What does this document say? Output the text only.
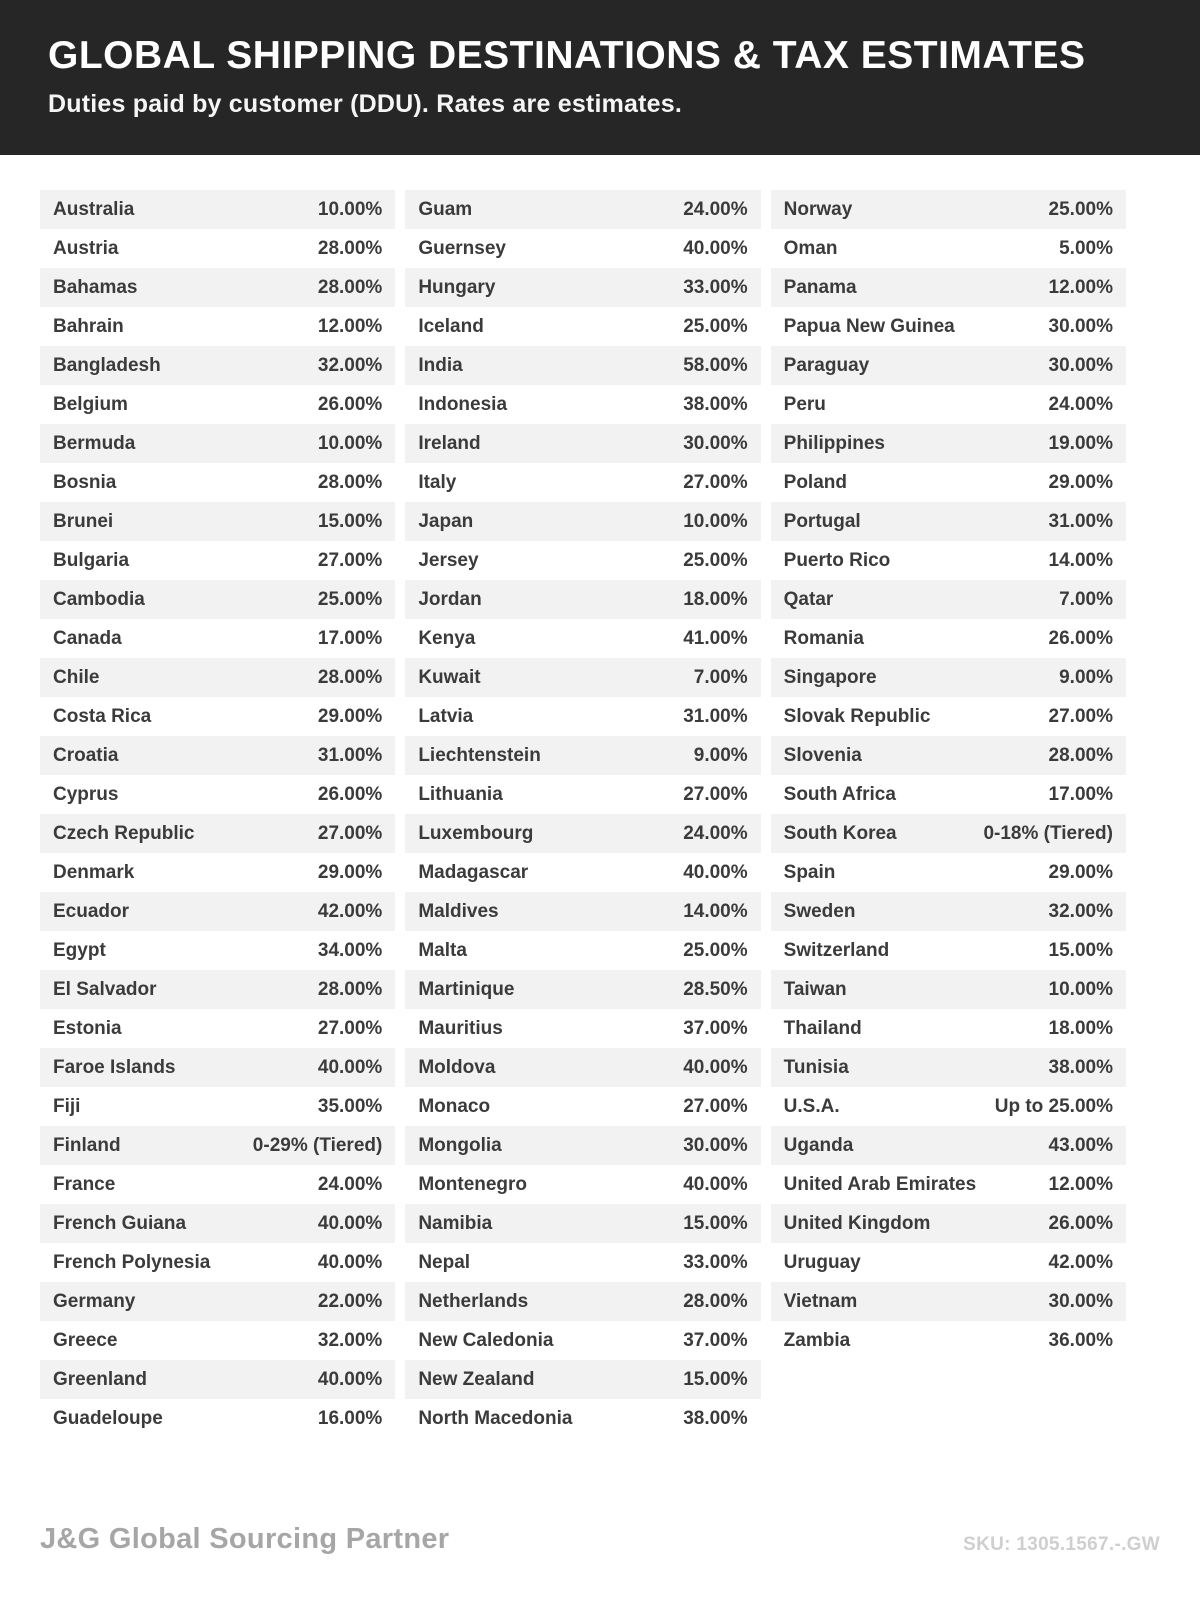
GLOBAL SHIPPING DESTINATIONS & TAX ESTIMATES

Duties paid by customer (DDU). Rates are estimates.

Australia	10.00%
Austria	28.00%
Bahamas	28.00%
Bahrain	12.00%
Bangladesh	32.00%
Belgium	26.00%
Bermuda	10.00%
Bosnia	28.00%
Brunei	15.00%
Bulgaria	27.00%
Cambodia	25.00%
Canada	17.00%
Chile	28.00%
Costa Rica	29.00%
Croatia	31.00%
Cyprus	26.00%
Czech Republic	27.00%
Denmark	29.00%
Ecuador	42.00%
Egypt	34.00%
El Salvador	28.00%
Estonia	27.00%
Faroe Islands	40.00%
Fiji	35.00%
Finland	0-29% (Tiered)
France	24.00%
French Guiana	40.00%
French Polynesia	40.00%
Germany	22.00%
Greece	32.00%
Greenland	40.00%
Guadeloupe	16.00%
Guam	24.00%
Guernsey	40.00%
Hungary	33.00%
Iceland	25.00%
India	58.00%
Indonesia	38.00%
Ireland	30.00%
Italy	27.00%
Japan	10.00%
Jersey	25.00%
Jordan	18.00%
Kenya	41.00%
Kuwait	7.00%
Latvia	31.00%
Liechtenstein	9.00%
Lithuania	27.00%
Luxembourg	24.00%
Madagascar	40.00%
Maldives	14.00%
Malta	25.00%
Martinique	28.50%
Mauritius	37.00%
Moldova	40.00%
Monaco	27.00%
Mongolia	30.00%
Montenegro	40.00%
Namibia	15.00%
Nepal	33.00%
Netherlands	28.00%
New Caledonia	37.00%
New Zealand	15.00%
North Macedonia	38.00%
Norway	25.00%
Oman	5.00%
Panama	12.00%
Papua New Guinea	30.00%
Paraguay	30.00%
Peru	24.00%
Philippines	19.00%
Poland	29.00%
Portugal	31.00%
Puerto Rico	14.00%
Qatar	7.00%
Romania	26.00%
Singapore	9.00%
Slovak Republic	27.00%
Slovenia	28.00%
South Africa	17.00%
South Korea	0-18% (Tiered)
Spain	29.00%
Sweden	32.00%
Switzerland	15.00%
Taiwan	10.00%
Thailand	18.00%
Tunisia	38.00%
U.S.A.	Up to 25.00%
Uganda	43.00%
United Arab Emirates	12.00%
United Kingdom	26.00%
Uruguay	42.00%
Vietnam	30.00%
Zambia	36.00%
J&G Global Sourcing Partner	SKU: 1305.1567.-.GW
